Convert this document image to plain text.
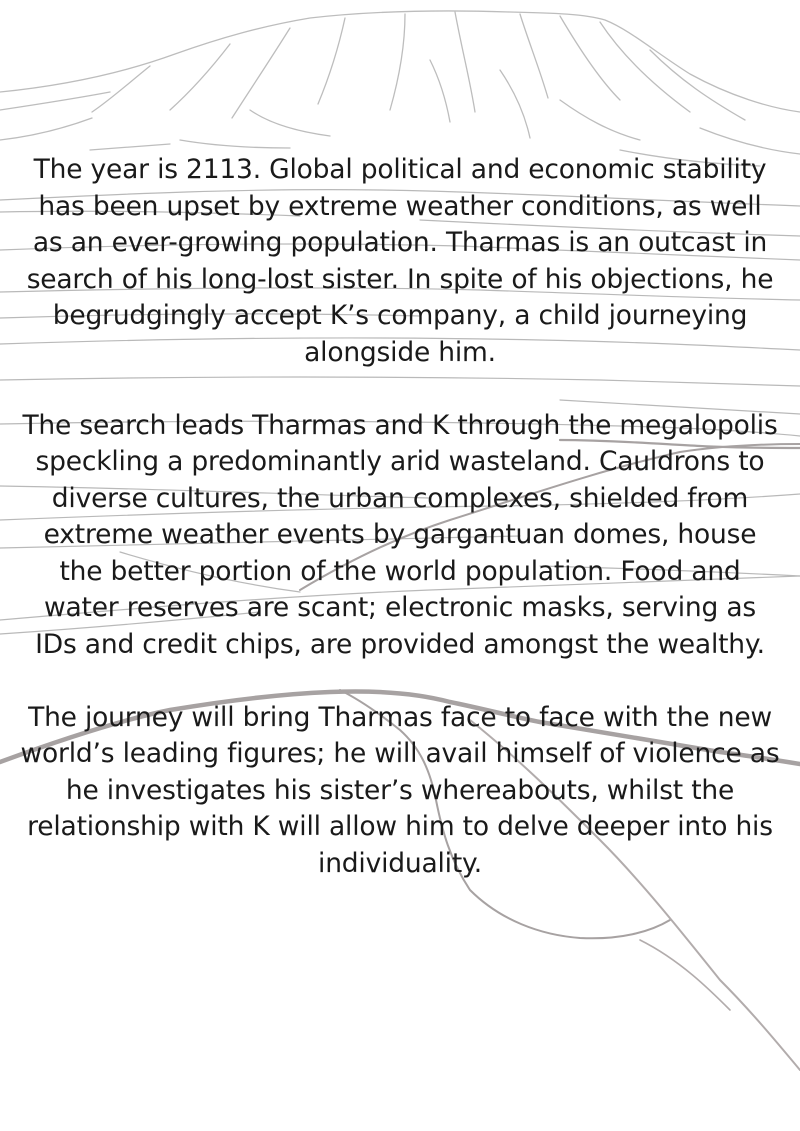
The year is 2113. Global political and economic stability has been upset by extreme weather conditions, as well as an ever-growing population. Tharmas is an outcast in search of his long-lost sister. In spite of his objections, he begrudgingly accept K’s company, a child journeying alongside him.

The search leads Tharmas and K through the megalopolis speckling a predominantly arid wasteland. Cauldrons to diverse cultures, the urban complexes, shielded from extreme weather events by gargantuan domes, house the better portion of the world population. Food and water reserves are scant; electronic masks, serving as IDs and credit chips, are provided amongst the wealthy.

The journey will bring Tharmas face to face with the new world’s leading figures; he will avail himself of violence as he investigates his sister’s whereabouts, whilst the relationship with K will allow him to delve deeper into his individuality.
